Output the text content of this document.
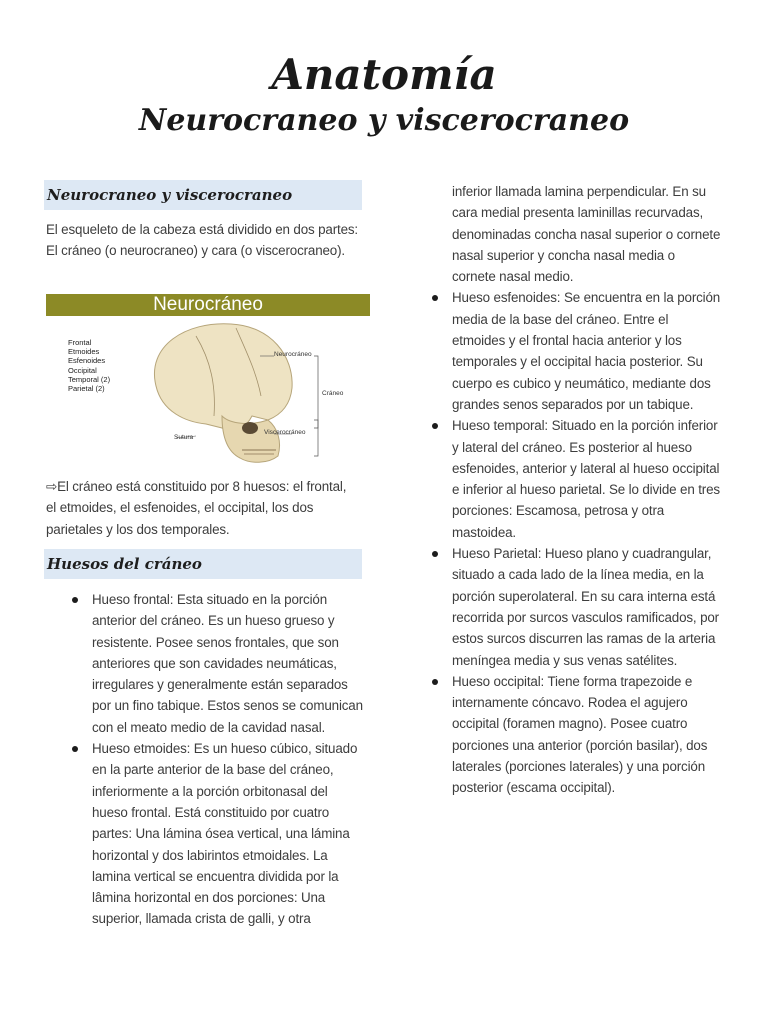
Anatomía
Neurocraneo y viscerocraneo
Neurocraneo y viscerocraneo

El esqueleto de la cabeza está dividido en dos partes: El cráneo (o neurocraneo) y cara (o viscerocraneo).

Neurocráneo
Frontal
Etmoides
Esfenoides
Occipital
Temporal (2)
Parietal (2)
Neurocráneo
Cráneo
Viscerocráneo
Sutura

⇨El cráneo está constituido por 8 huesos: el frontal, el etmoides, el esfenoides, el occipital, los dos parietales y los dos temporales.

Huesos del cráneo
Hueso frontal: Esta situado en la porción anterior del cráneo. Es un hueso grueso y resistente. Posee senos frontales, que son anteriores que son cavidades neumáticas, irregulares y generalmente están separados por un fino tabique. Estos senos se comunican con el meato medio de la cavidad nasal.
Hueso etmoides: Es un hueso cúbico, situado en la parte anterior de la base del cráneo, inferiormente a la porción orbitonasal del hueso frontal. Está constituido por cuatro partes: Una lámina ósea vertical, una lámina horizontal y dos labirintos etmoidales. La lamina vertical se encuentra dividida por la lâmina horizontal en dos porciones: Una superior, llamada crista de galli, y otra
inferior llamada lamina perpendicular. En su cara medial presenta laminillas recurvadas, denominadas concha nasal superior o cornete nasal superior y concha nasal media o cornete nasal medio.
Hueso esfenoides: Se encuentra en la porción media de la base del cráneo. Entre el etmoides y el frontal hacia anterior y los temporales y el occipital hacia posterior. Su cuerpo es cubico y neumático, mediante dos grandes senos separados por un tabique.
Hueso temporal: Situado en la porción inferior y lateral del cráneo. Es posterior al hueso esfenoides, anterior y lateral al hueso occipital e inferior al hueso parietal. Se lo divide en tres porciones: Escamosa, petrosa y otra mastoidea.
Hueso Parietal: Hueso plano y cuadrangular, situado a cada lado de la línea media, en la porción superolateral. En su cara interna está recorrida por surcos vasculos ramificados, por estos surcos discurren las ramas de la arteria meníngea media y sus venas satélites.
Hueso occipital: Tiene forma trapezoide e internamente cóncavo. Rodea el agujero occipital (foramen magno). Posee cuatro porciones una anterior (porción basilar), dos laterales (porciones laterales) y una porción posterior (escama occipital).
